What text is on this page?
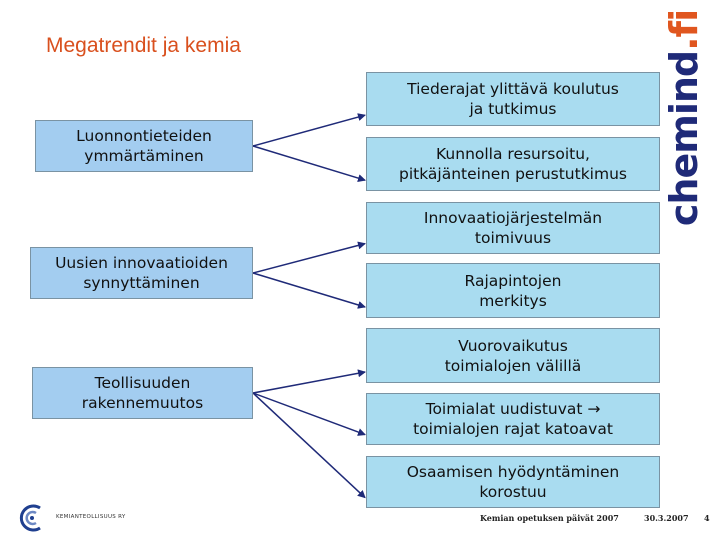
Megatrendit ja kemia
chemind.fi
Luonnontieteiden
ymmärtäminen
Uusien innovaatioiden
synnyttäminen
Teollisuuden
rakennemuutos
Tiederajat ylittävä koulutus
ja tutkimus
Kunnolla resursoitu,
pitkäjänteinen perustutkimus
Innovaatiojärjestelmän
toimivuus
Rajapintojen
merkitys
Vuorovaikutus
toimialojen välillä
Toimialat uudistuvat →
toimialojen rajat katoavat
Osaamisen hyödyntäminen
korostuu
KEMIANTEOLLISUUS RY	Kemian opetuksen päivät 2007	30.3.2007 4
